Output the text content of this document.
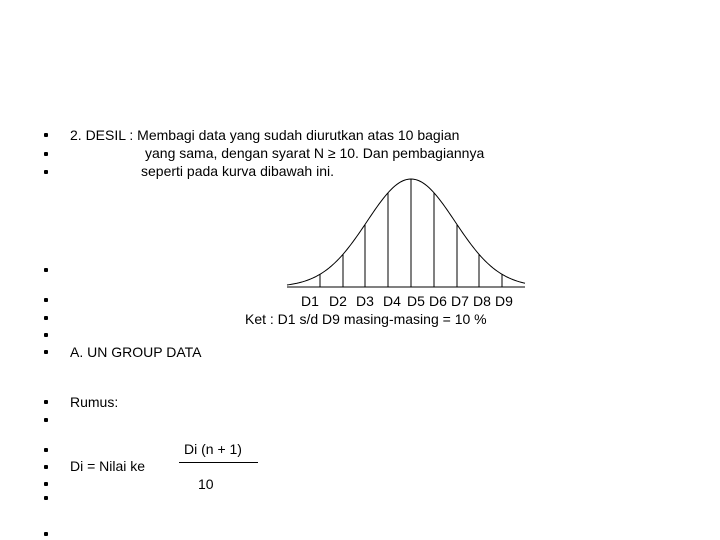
2. DESIL : Membagi data yang sudah diurutkan atas 10 bagian
yang sama, dengan syarat N ≥ 10. Dan pembagiannya
seperti pada kurva dibawah ini.
D1 D2 D3 D4 D5 D6 D7 D8 D9
Ket : D1 s/d D9 masing-masing = 10 %
A. UN GROUP DATA
Rumus:
Di = Nilai ke
Di (n + 1)
10
